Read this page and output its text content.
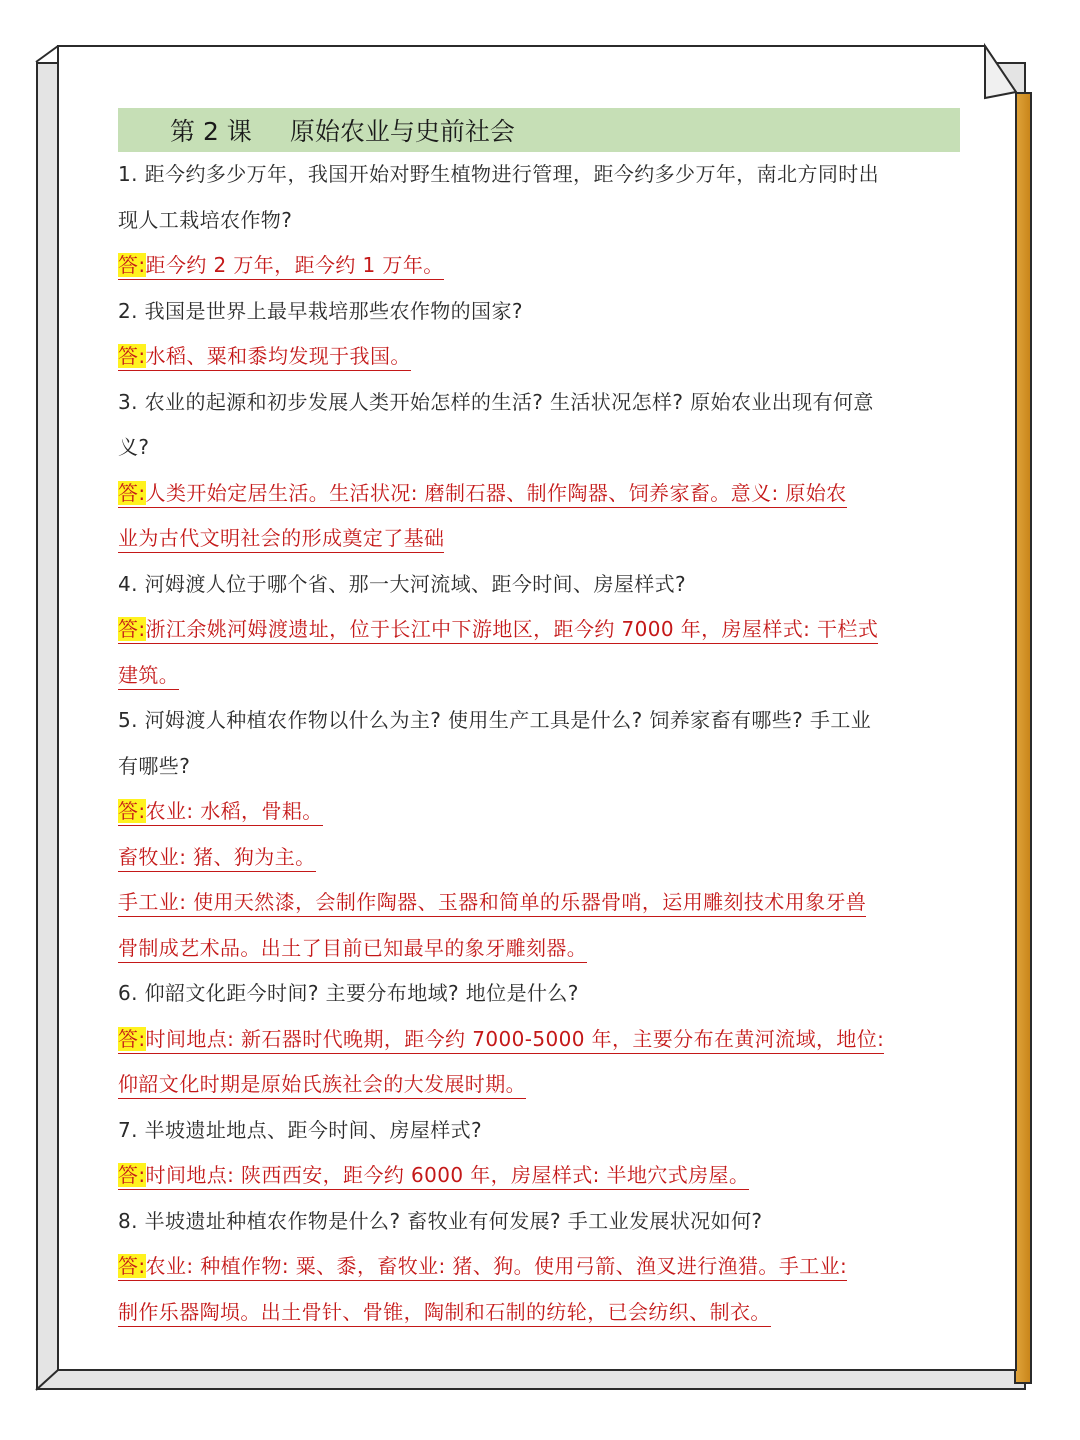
第 2 课 原始农业与史前社会
1. 距今约多少万年，我国开始对野生植物进行管理，距今约多少万年，南北方同时出
现人工栽培农作物?
答:距今约 2 万年，距今约 1 万年。
2. 我国是世界上最早栽培那些农作物的国家?
答:水稻、粟和黍均发现于我国。
3. 农业的起源和初步发展人类开始怎样的生活? 生活状况怎样? 原始农业出现有何意
义?
答:人类开始定居生活。生活状况: 磨制石器、制作陶器、饲养家畜。意义: 原始农
业为古代文明社会的形成奠定了基础
4. 河姆渡人位于哪个省、那一大河流域、距今时间、房屋样式?
答:浙江余姚河姆渡遗址，位于长江中下游地区，距今约 7000 年，房屋样式: 干栏式
建筑。
5. 河姆渡人种植农作物以什么为主? 使用生产工具是什么? 饲养家畜有哪些? 手工业
有哪些?
答:农业: 水稻，骨耜。
畜牧业: 猪、狗为主。
手工业: 使用天然漆，会制作陶器、玉器和简单的乐器骨哨，运用雕刻技术用象牙兽
骨制成艺术品。出土了目前已知最早的象牙雕刻器。
6. 仰韶文化距今时间? 主要分布地域? 地位是什么?
答:时间地点: 新石器时代晚期，距今约 7000-5000 年，主要分布在黄河流域，地位:
仰韶文化时期是原始氏族社会的大发展时期。
7. 半坡遗址地点、距今时间、房屋样式?
答:时间地点: 陕西西安，距今约 6000 年，房屋样式: 半地穴式房屋。
8. 半坡遗址种植农作物是什么? 畜牧业有何发展? 手工业发展状况如何?
答:农业: 种植作物: 粟、黍，畜牧业: 猪、狗。使用弓箭、渔叉进行渔猎。手工业:
制作乐器陶埙。出土骨针、骨锥，陶制和石制的纺轮，已会纺织、制衣。
